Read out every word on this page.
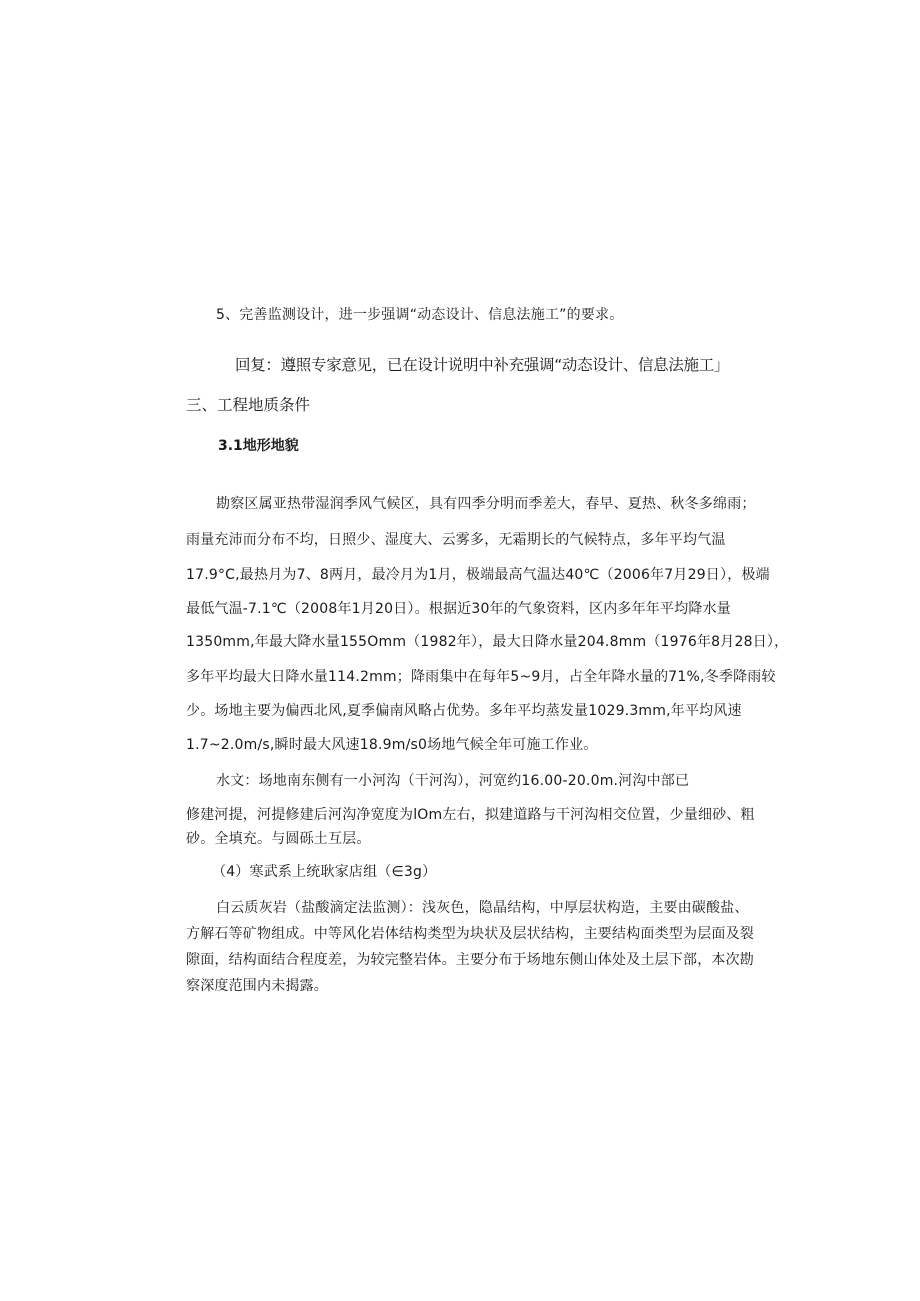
5、完善监测设计，进一步强调“动态设计、信息法施工”的要求。

回复：遵照专家意见，已在设计说明中补充强调“动态设计、信息法施工」

三、工程地质条件

3.1地形地貌

勘察区属亚热带湿润季风气候区，具有四季分明而季差大，春早、夏热、秋冬多绵雨；

雨量充沛而分布不均，日照少、湿度大、云雾多，无霜期长的气候特点，多年平均气温

17.9°C,最热月为7、8两月，最冷月为1月，极端最高气温达40℃（2006年7月29日），极端

最低气温-7.1℃（2008年1月20日）。根据近30年的气象资料，区内多年年平均降水量

1350mm,年最大降水量155Omm（1982年），最大日降水量204.8mm（1976年8月28日），

多年平均最大日降水量114.2mm；降雨集中在每年5~9月，占全年降水量的71%,冬季降雨较

少。场地主要为偏西北风,夏季偏南风略占优势。多年平均蒸发量1029.3mm,年平均风速

1.7~2.0m∕s,瞬时最大风速18.9m∕s0场地气候全年可施工作业。

水文：场地南东侧有一小河沟（干河沟），河宽约16.00-20.0m.河沟中部已

修建河提，河提修建后河沟净宽度为lOm左右，拟建道路与干河沟相交位置，少量细砂、粗

砂。全填充。与圆砾土互层。

（4）寒武系上统耿家店组（∈3g）

白云质灰岩（盐酸滴定法监测）：浅灰色，隐晶结构，中厚层状构造，主要由碳酸盐、

方解石等矿物组成。中等风化岩体结构类型为块状及层状结构，主要结构面类型为层面及裂

隙面，结构面结合程度差，为较完整岩体。主要分布于场地东侧山体处及土层下部，本次勘

察深度范围内未揭露。
